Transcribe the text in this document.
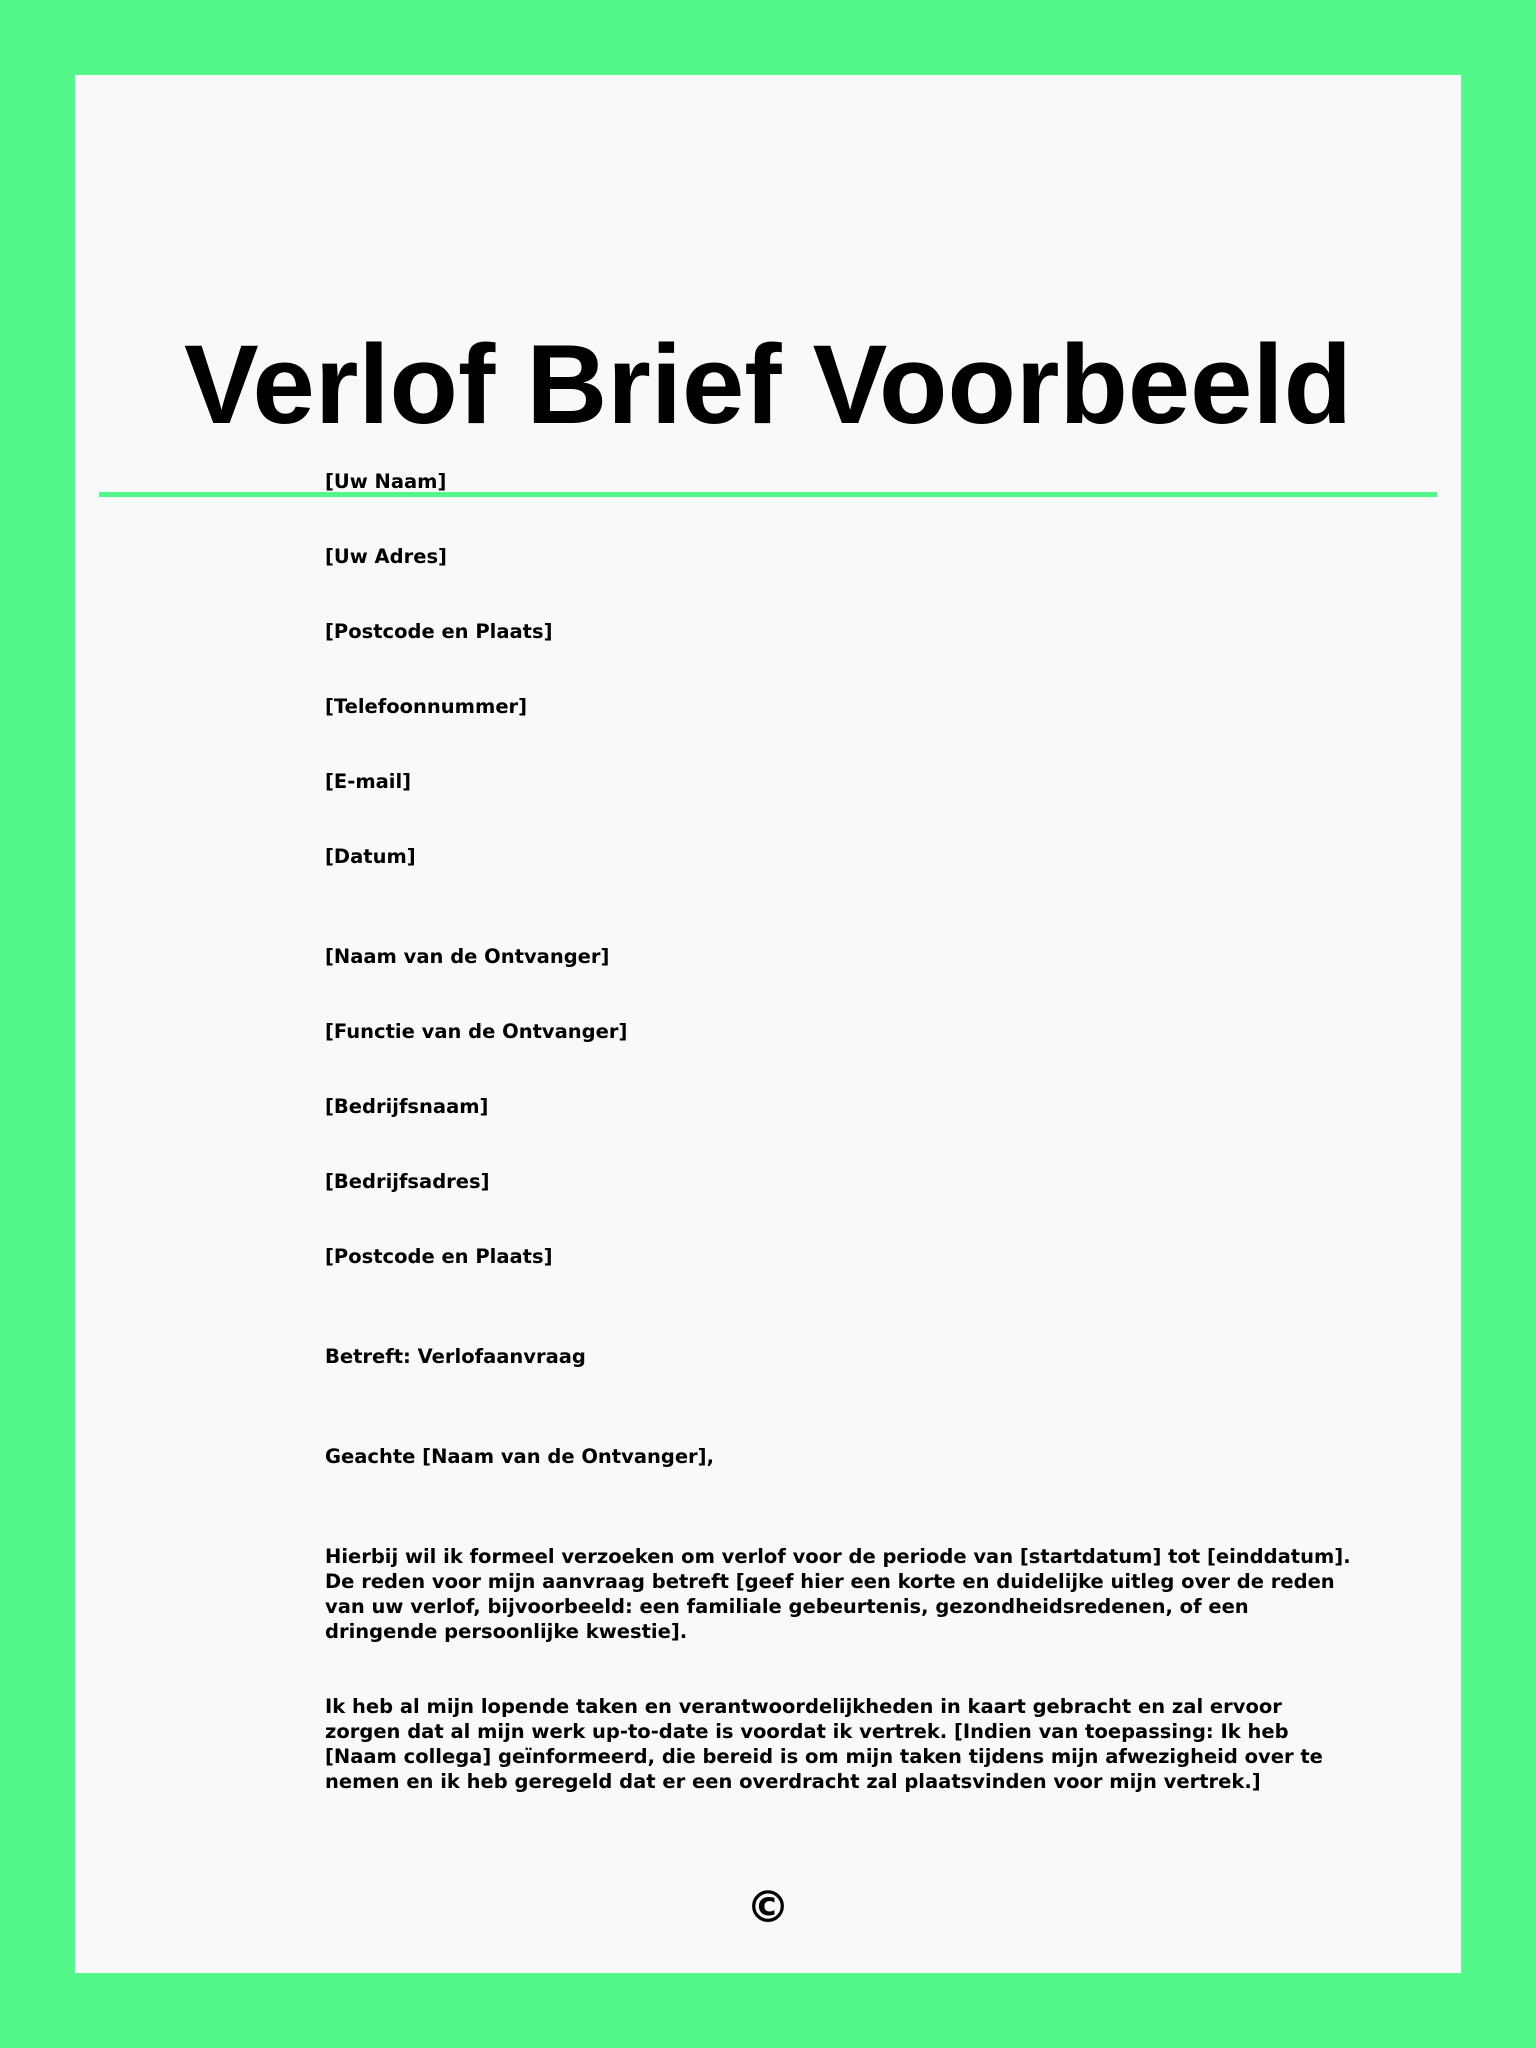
Verlof Brief Voorbeeld

[Uw Naam]

[Uw Adres]

[Postcode en Plaats]

[Telefoonnummer]

[E-mail]

[Datum]

[Naam van de Ontvanger]

[Functie van de Ontvanger]

[Bedrijfsnaam]

[Bedrijfsadres]

[Postcode en Plaats]

Betreft: Verlofaanvraag

Geachte [Naam van de Ontvanger],

Hierbij wil ik formeel verzoeken om verlof voor de periode van [startdatum] tot [einddatum]. De reden voor mijn aanvraag betreft [geef hier een korte en duidelijke uitleg over de reden van uw verlof, bijvoorbeeld: een familiale gebeurtenis, gezondheidsredenen, of een dringende persoonlijke kwestie].

Ik heb al mijn lopende taken en verantwoordelijkheden in kaart gebracht en zal ervoor zorgen dat al mijn werk up-to-date is voordat ik vertrek. [Indien van toepassing: Ik heb [Naam collega] geïnformeerd, die bereid is om mijn taken tijdens mijn afwezigheid over te nemen en ik heb geregeld dat er een overdracht zal plaatsvinden voor mijn vertrek.]

©
